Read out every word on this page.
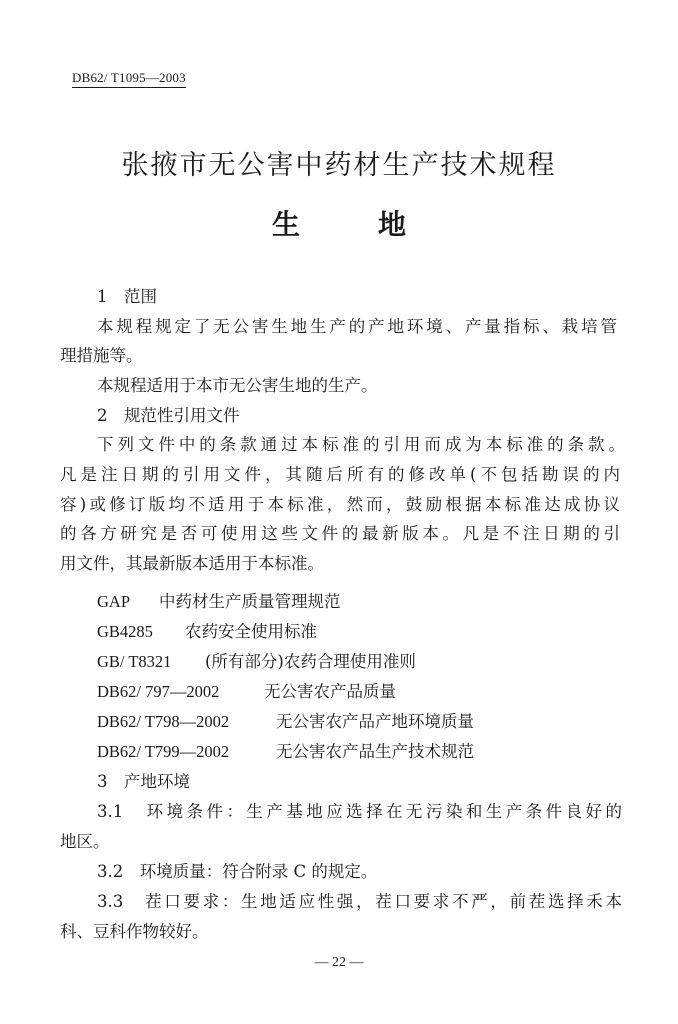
DB62/ T1095—2003
张掖市无公害中药材生产技术规程
生地
1　范围
本规程规定了无公害生地生产的产地环境、产量指标、栽培管
理措施等。
本规程适用于本市无公害生地的生产。
2　规范性引用文件
下列文件中的条款通过本标准的引用而成为本标准的条款。
凡是注日期的引用文件，其随后所有的修改单(不包括勘误的内
容)或修订版均不适用于本标准，然而，鼓励根据本标准达成协议
的各方研究是否可使用这些文件的最新版本。凡是不注日期的引
用文件，其最新版本适用于本标准。
GAP 中药材生产质量管理规范
GB4285 农药安全使用标准
GB/ T8321 (所有部分)农药合理使用准则
DB62/ 797—2002	无公害农产品质量
DB62/ T798—2002	无公害农产品产地环境质量
DB62/ T799—2002	无公害农产品生产技术规范
3　产地环境
3.1　环境条件：生产基地应选择在无污染和生产条件良好的
地区。
3.2　环境质量：符合附录 C 的规定。
3.3　茬口要求：生地适应性强，茬口要求不严，前茬选择禾本
科、豆科作物较好。
— 22 —
